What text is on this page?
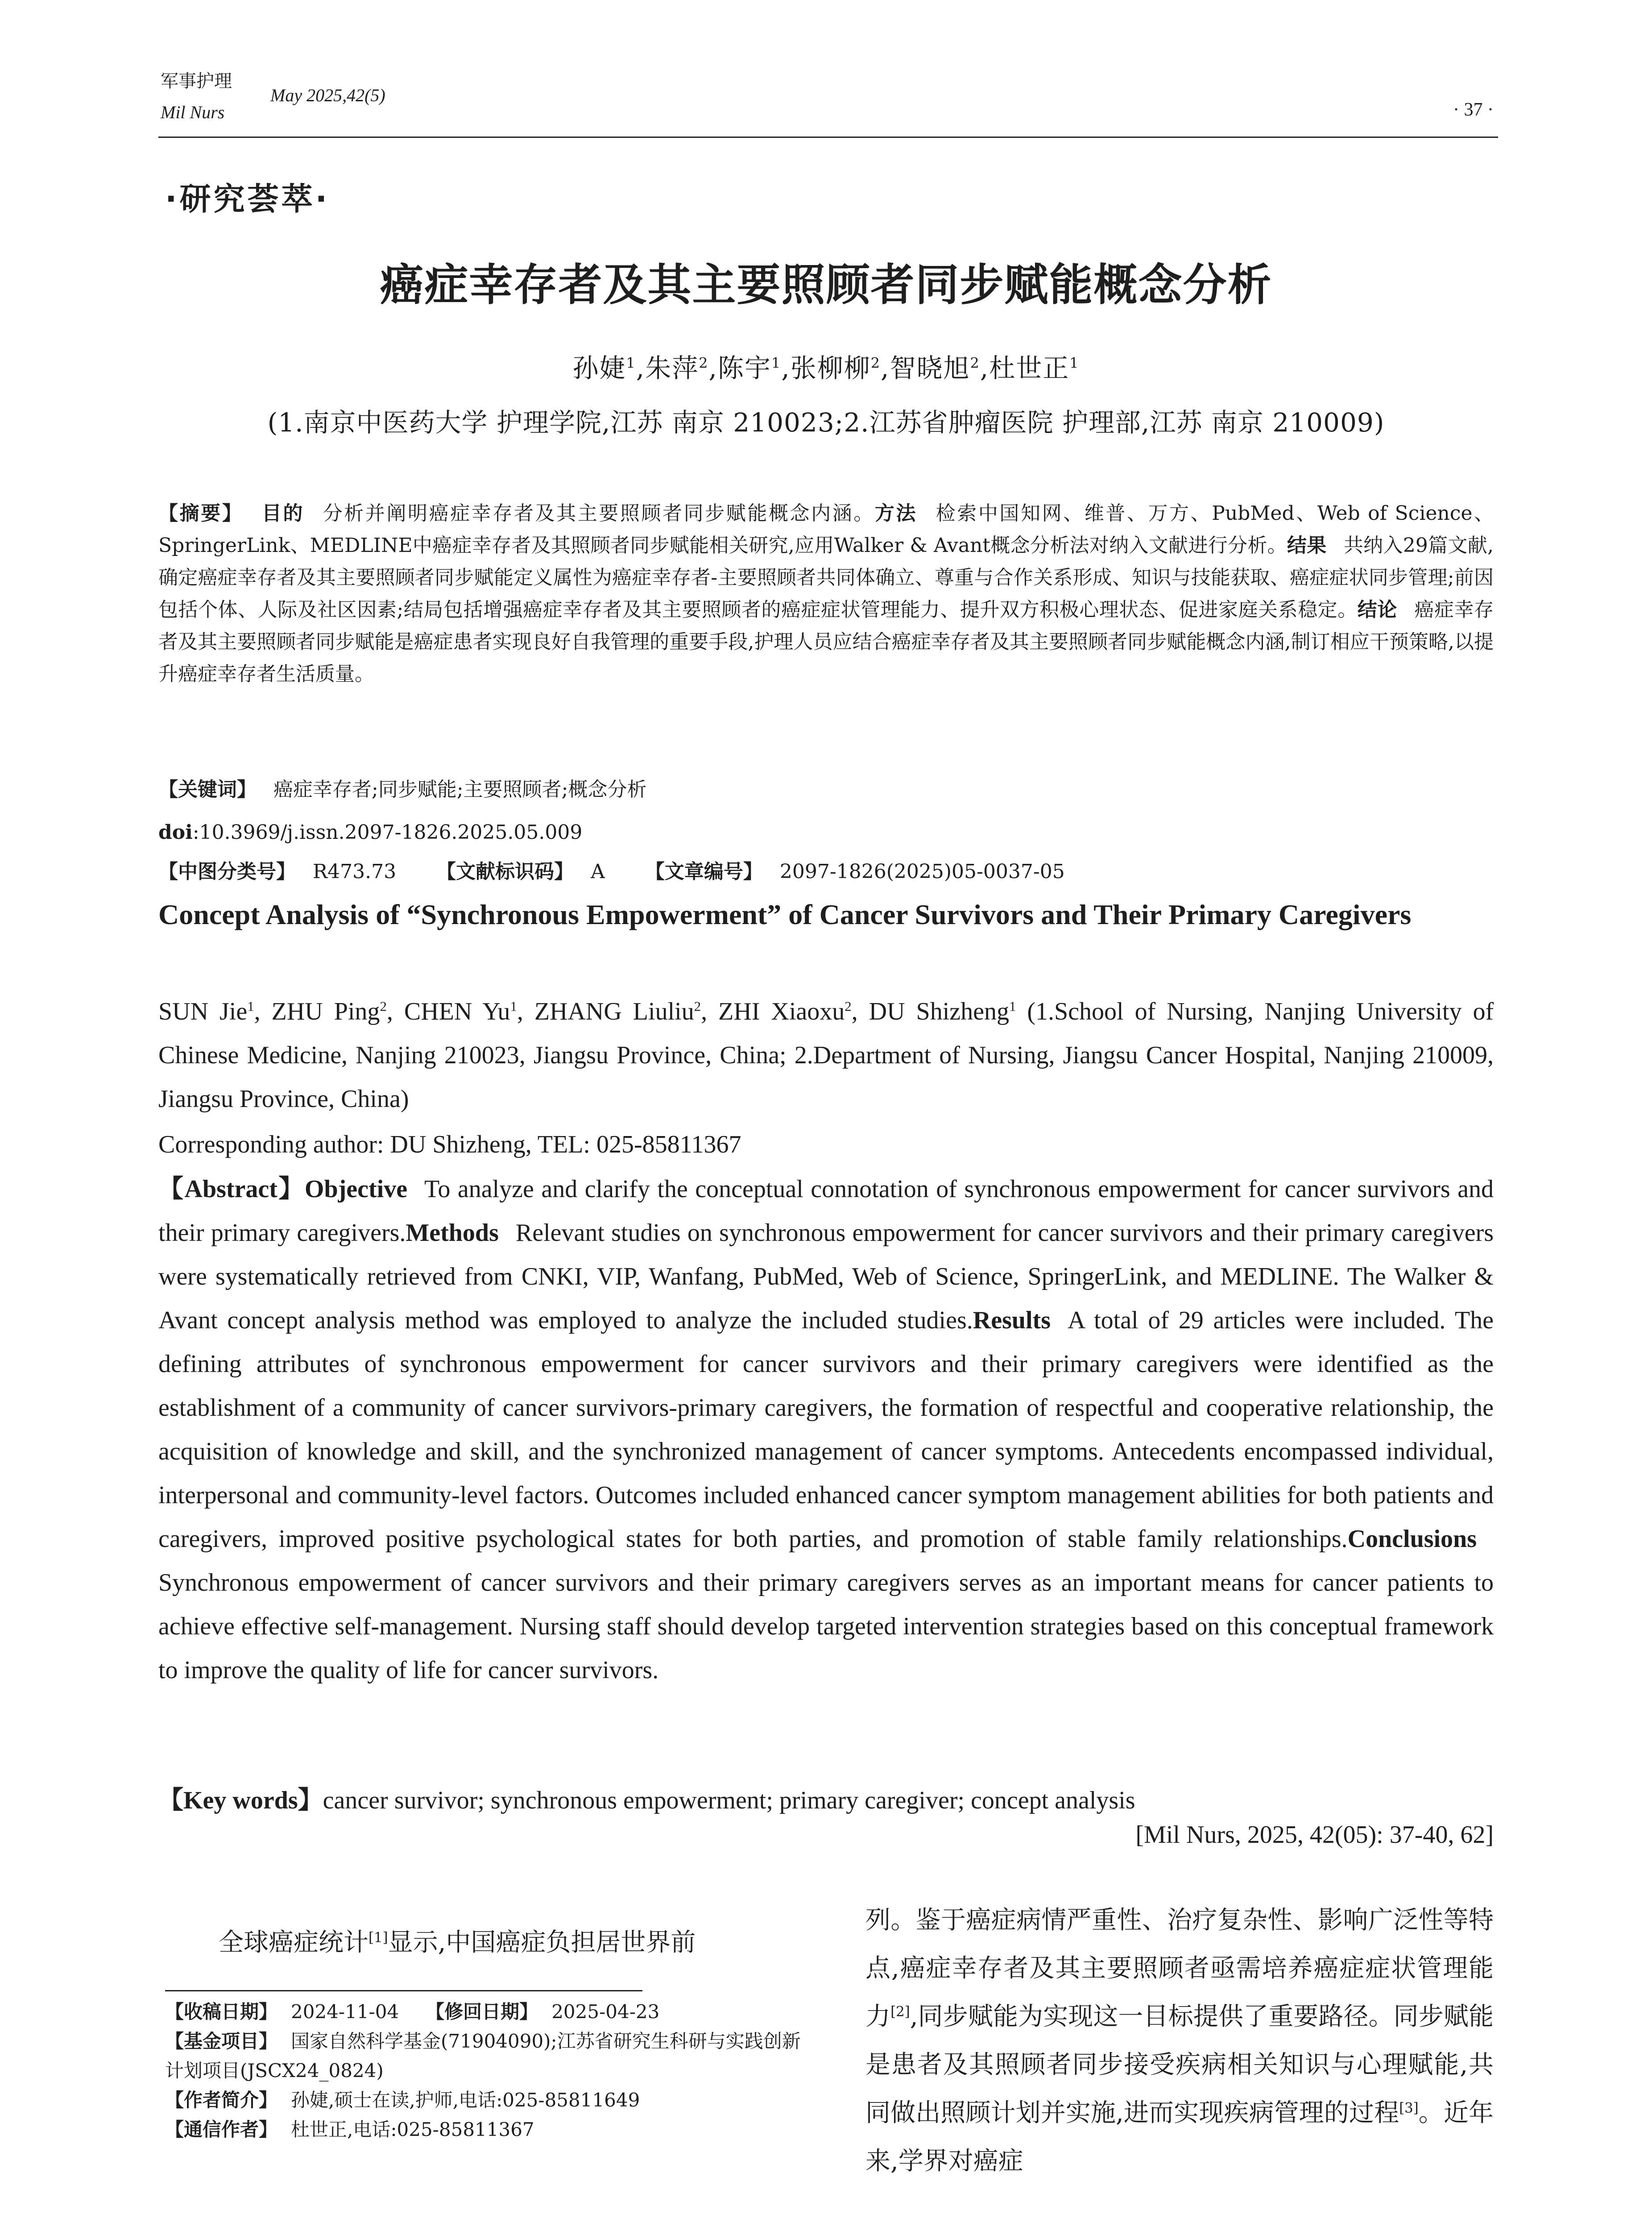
军事护理
Mil Nurs
May 2025,42(5)
· 37 ·
·研究荟萃·
癌症幸存者及其主要照顾者同步赋能概念分析
孙婕$^1$,朱萍$^2$,陈宇$^1$,张柳柳$^2$,智晓旭$^2$,杜世正$^1$
(1.南京中医药大学 护理学院,江苏 南京 210023;2.江苏省肿瘤医院 护理部,江苏 南京 210009)
【摘要】 目的 分析并阐明癌症幸存者及其主要照顾者同步赋能概念内涵。方法 检索中国知网、维普、万方、PubMed、Web of Science、SpringerLink、MEDLINE中癌症幸存者及其照顾者同步赋能相关研究,应用Walker & Avant概念分析法对纳入文献进行分析。结果 共纳入29篇文献,确定癌症幸存者及其主要照顾者同步赋能定义属性为癌症幸存者-主要照顾者共同体确立、尊重与合作关系形成、知识与技能获取、癌症症状同步管理;前因包括个体、人际及社区因素;结局包括增强癌症幸存者及其主要照顾者的癌症症状管理能力、提升双方积极心理状态、促进家庭关系稳定。结论 癌症幸存者及其主要照顾者同步赋能是癌症患者实现良好自我管理的重要手段,护理人员应结合癌症幸存者及其主要照顾者同步赋能概念内涵,制订相应干预策略,以提升癌症幸存者生活质量。
【关键词】 癌症幸存者;同步赋能;主要照顾者;概念分析
doi:10.3969/j.issn.2097-1826.2025.05.009
【中图分类号】 R473.73 【文献标识码】 A 【文章编号】 2097-1826(2025)05-0037-05
Concept Analysis of “Synchronous Empowerment” of Cancer Survivors and Their Primary Caregivers
SUN Jie$^1$, ZHU Ping$^2$, CHEN Yu$^1$, ZHANG Liuliu$^2$, ZHI Xiaoxu$^2$, DU Shizheng$^1$ (1.School of Nursing, Nanjing University of Chinese Medicine, Nanjing 210023, Jiangsu Province, China; 2.Department of Nursing, Jiangsu Cancer Hospital, Nanjing 210009, Jiangsu Province, China)
Corresponding author: DU Shizheng, TEL: 025-85811367
【Abstract】Objective To analyze and clarify the conceptual connotation of synchronous empowerment for cancer survivors and their primary caregivers.Methods Relevant studies on synchronous empowerment for cancer survivors and their primary caregivers were systematically retrieved from CNKI, VIP, Wanfang, PubMed, Web of Science, SpringerLink, and MEDLINE. The Walker & Avant concept analysis method was employed to analyze the included studies.Results A total of 29 articles were included. The defining attributes of synchronous empowerment for cancer survivors and their primary caregivers were identified as the establishment of a community of cancer survivors-primary caregivers, the formation of respectful and cooperative relationship, the acquisition of knowledge and skill, and the synchronized management of cancer symptoms. Antecedents encompassed individual, interpersonal and community-level factors. Outcomes included enhanced cancer symptom management abilities for both patients and caregivers, improved positive psychological states for both parties, and promotion of stable family relationships.ConclusionsSynchronous empowerment of cancer survivors and their primary caregivers serves as an important means for cancer patients to achieve effective self-management. Nursing staff should develop targeted intervention strategies based on this conceptual framework to improve the quality of life for cancer survivors.
【Key words】cancer survivor; synchronous empowerment; primary caregiver; concept analysis
[Mil Nurs, 2025, 42(05): 37-40, 62]
全球癌症统计[1]显示,中国癌症负担居世界前
【收稿日期】 2024-11-04 【修回日期】 2025-04-23
【基金项目】 国家自然科学基金(71904090);江苏省研究生科研与实践创新计划项目(JSCX24_0824)
【作者简介】 孙婕,硕士在读,护师,电话:025-85811649
【通信作者】 杜世正,电话:025-85811367
列。鉴于癌症病情严重性、治疗复杂性、影响广泛性等特点,癌症幸存者及其主要照顾者亟需培养癌症症状管理能力[2],同步赋能为实现这一目标提供了重要路径。同步赋能是患者及其照顾者同步接受疾病相关知识与心理赋能,共同做出照顾计划并实施,进而实现疾病管理的过程[3]。近年来,学界对癌症
